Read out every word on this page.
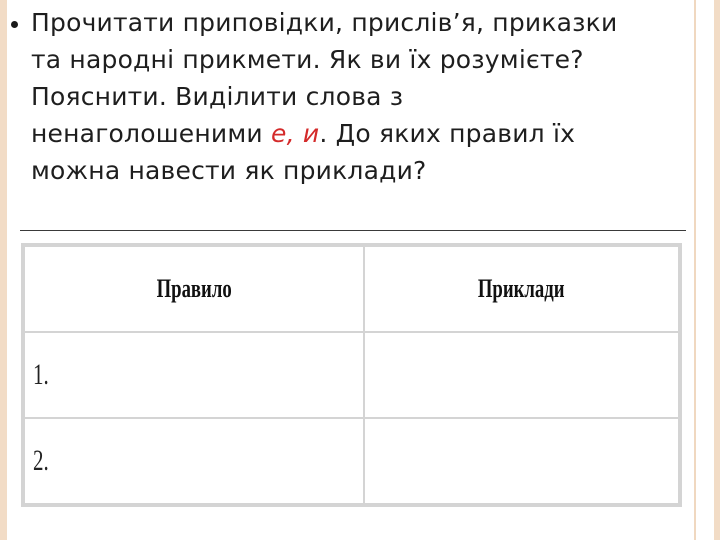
Прочитати приповідки, прислів’я, приказки
та народні прикмети. Як ви їх розумієте?
Пояснити. Виділити слова з
ненаголошеними е, и. До яких правил їх
можна навести як приклади?
Правило	Приклади
1.	
2.	
